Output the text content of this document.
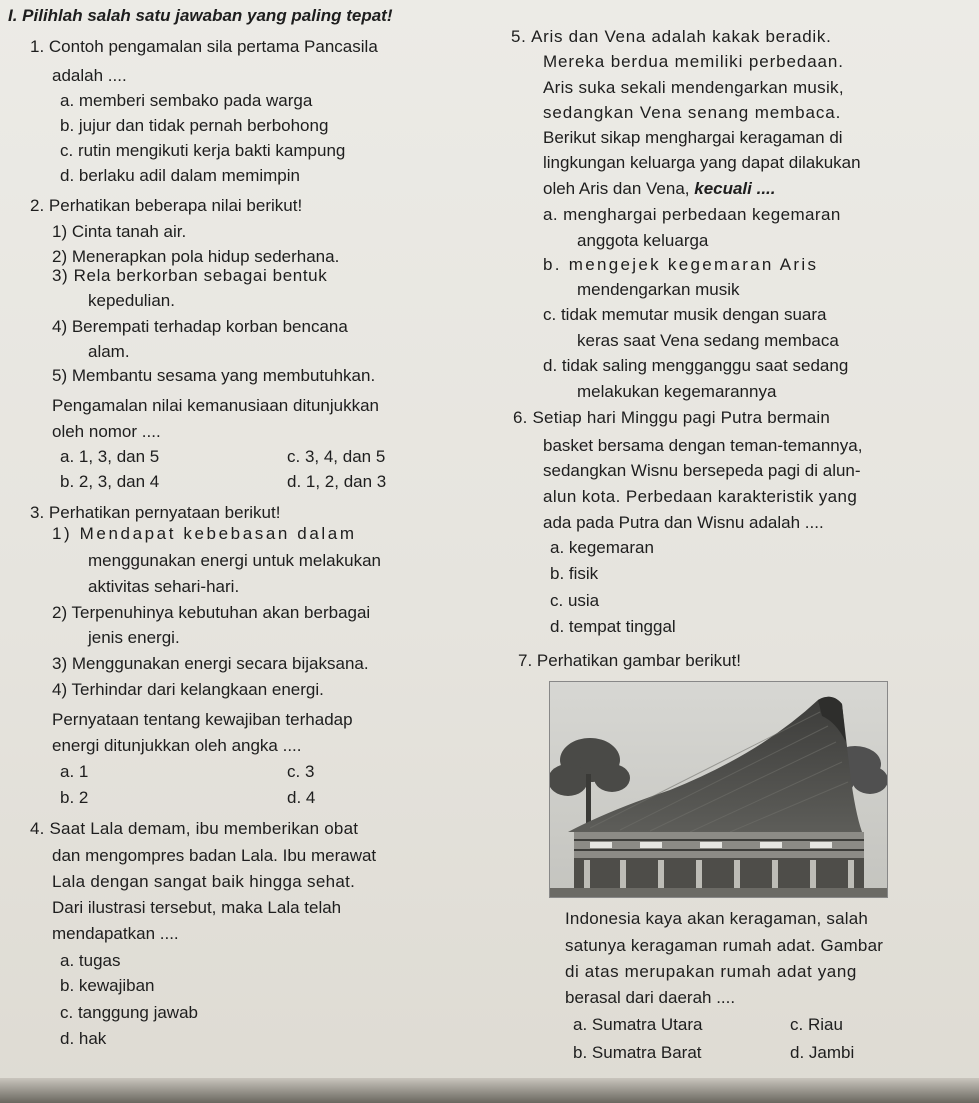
I. Pilihlah salah satu jawaban yang paling tepat!
1. Contoh pengamalan sila pertama Pancasila
adalah ....
a. memberi sembako pada warga
b. jujur dan tidak pernah berbohong
c. rutin mengikuti kerja bakti kampung
d. berlaku adil dalam memimpin
2. Perhatikan beberapa nilai berikut!
1) Cinta tanah air.
2) Menerapkan pola hidup sederhana.
3) Rela berkorban sebagai bentuk
kepedulian.
4) Berempati terhadap korban bencana
alam.
5) Membantu sesama yang membutuhkan.
Pengamalan nilai kemanusiaan ditunjukkan
oleh nomor ....
a. 1, 3, dan 5	c. 3, 4, dan 5
b. 2, 3, dan 4	d. 1, 2, dan 3
3. Perhatikan pernyataan berikut!
1) Mendapat kebebasan dalam
menggunakan energi untuk melakukan
aktivitas sehari-hari.
2) Terpenuhinya kebutuhan akan berbagai
jenis energi.
3) Menggunakan energi secara bijaksana.
4) Terhindar dari kelangkaan energi.
Pernyataan tentang kewajiban terhadap
energi ditunjukkan oleh angka ....
a. 1	c. 3
b. 2	d. 4
4. Saat Lala demam, ibu memberikan obat
dan mengompres badan Lala. Ibu merawat
Lala dengan sangat baik hingga sehat.
Dari ilustrasi tersebut, maka Lala telah
mendapatkan ....
a. tugas
b. kewajiban
c. tanggung jawab
d. hak
5. Aris dan Vena adalah kakak beradik.
Mereka berdua memiliki perbedaan.
Aris suka sekali mendengarkan musik,
sedangkan Vena senang membaca.
Berikut sikap menghargai keragaman di
lingkungan keluarga yang dapat dilakukan
oleh Aris dan Vena, kecuali ....
a. menghargai perbedaan kegemaran
anggota keluarga
b. mengejek kegemaran Aris
mendengarkan musik
c. tidak memutar musik dengan suara
keras saat Vena sedang membaca
d. tidak saling mengganggu saat sedang
melakukan kegemarannya
6. Setiap hari Minggu pagi Putra bermain
basket bersama dengan teman-temannya,
sedangkan Wisnu bersepeda pagi di alun-
alun kota. Perbedaan karakteristik yang
ada pada Putra dan Wisnu adalah ....
a. kegemaran
b. fisik
c. usia
d. tempat tinggal
7. Perhatikan gambar berikut!
Indonesia kaya akan keragaman, salah
satunya keragaman rumah adat. Gambar
di atas merupakan rumah adat yang
berasal dari daerah ....
a. Sumatra Utara	c. Riau
b. Sumatra Barat	d. Jambi
